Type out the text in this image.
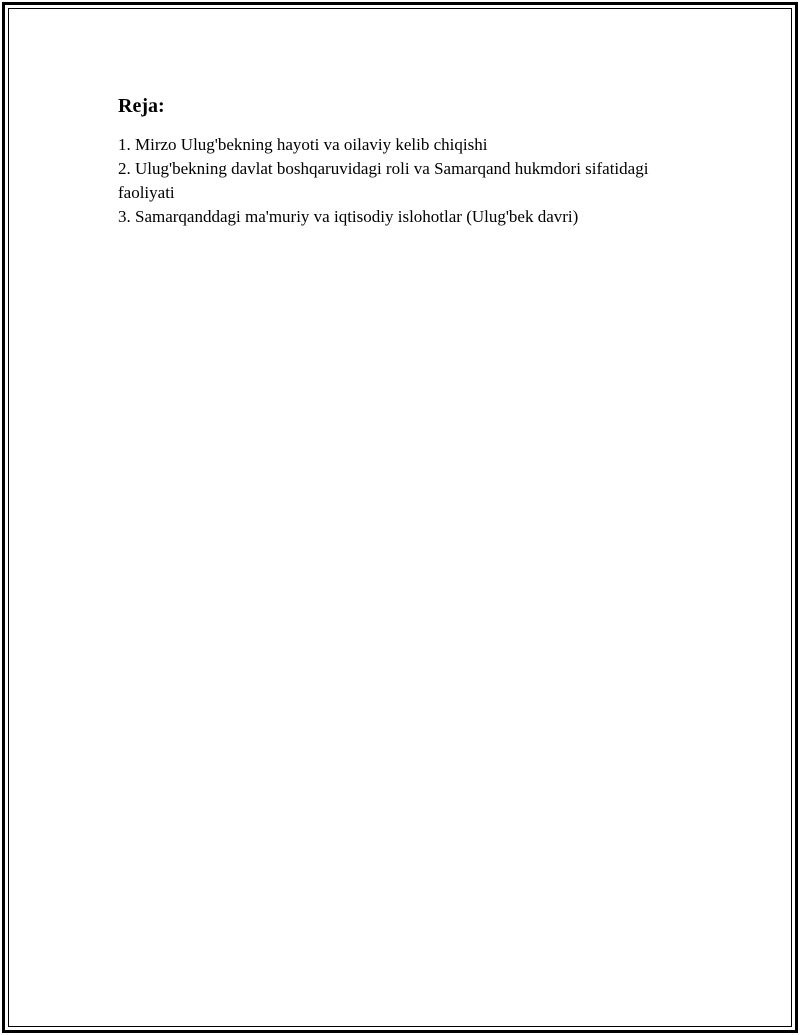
Reja:
1. Mirzo Ulug'bekning hayoti va oilaviy kelib chiqishi
2. Ulug'bekning davlat boshqaruvidagi roli va Samarqand hukmdori sifatidagi faoliyati
3. Samarqanddagi ma'muriy va iqtisodiy islohotlar (Ulug'bek davri)
